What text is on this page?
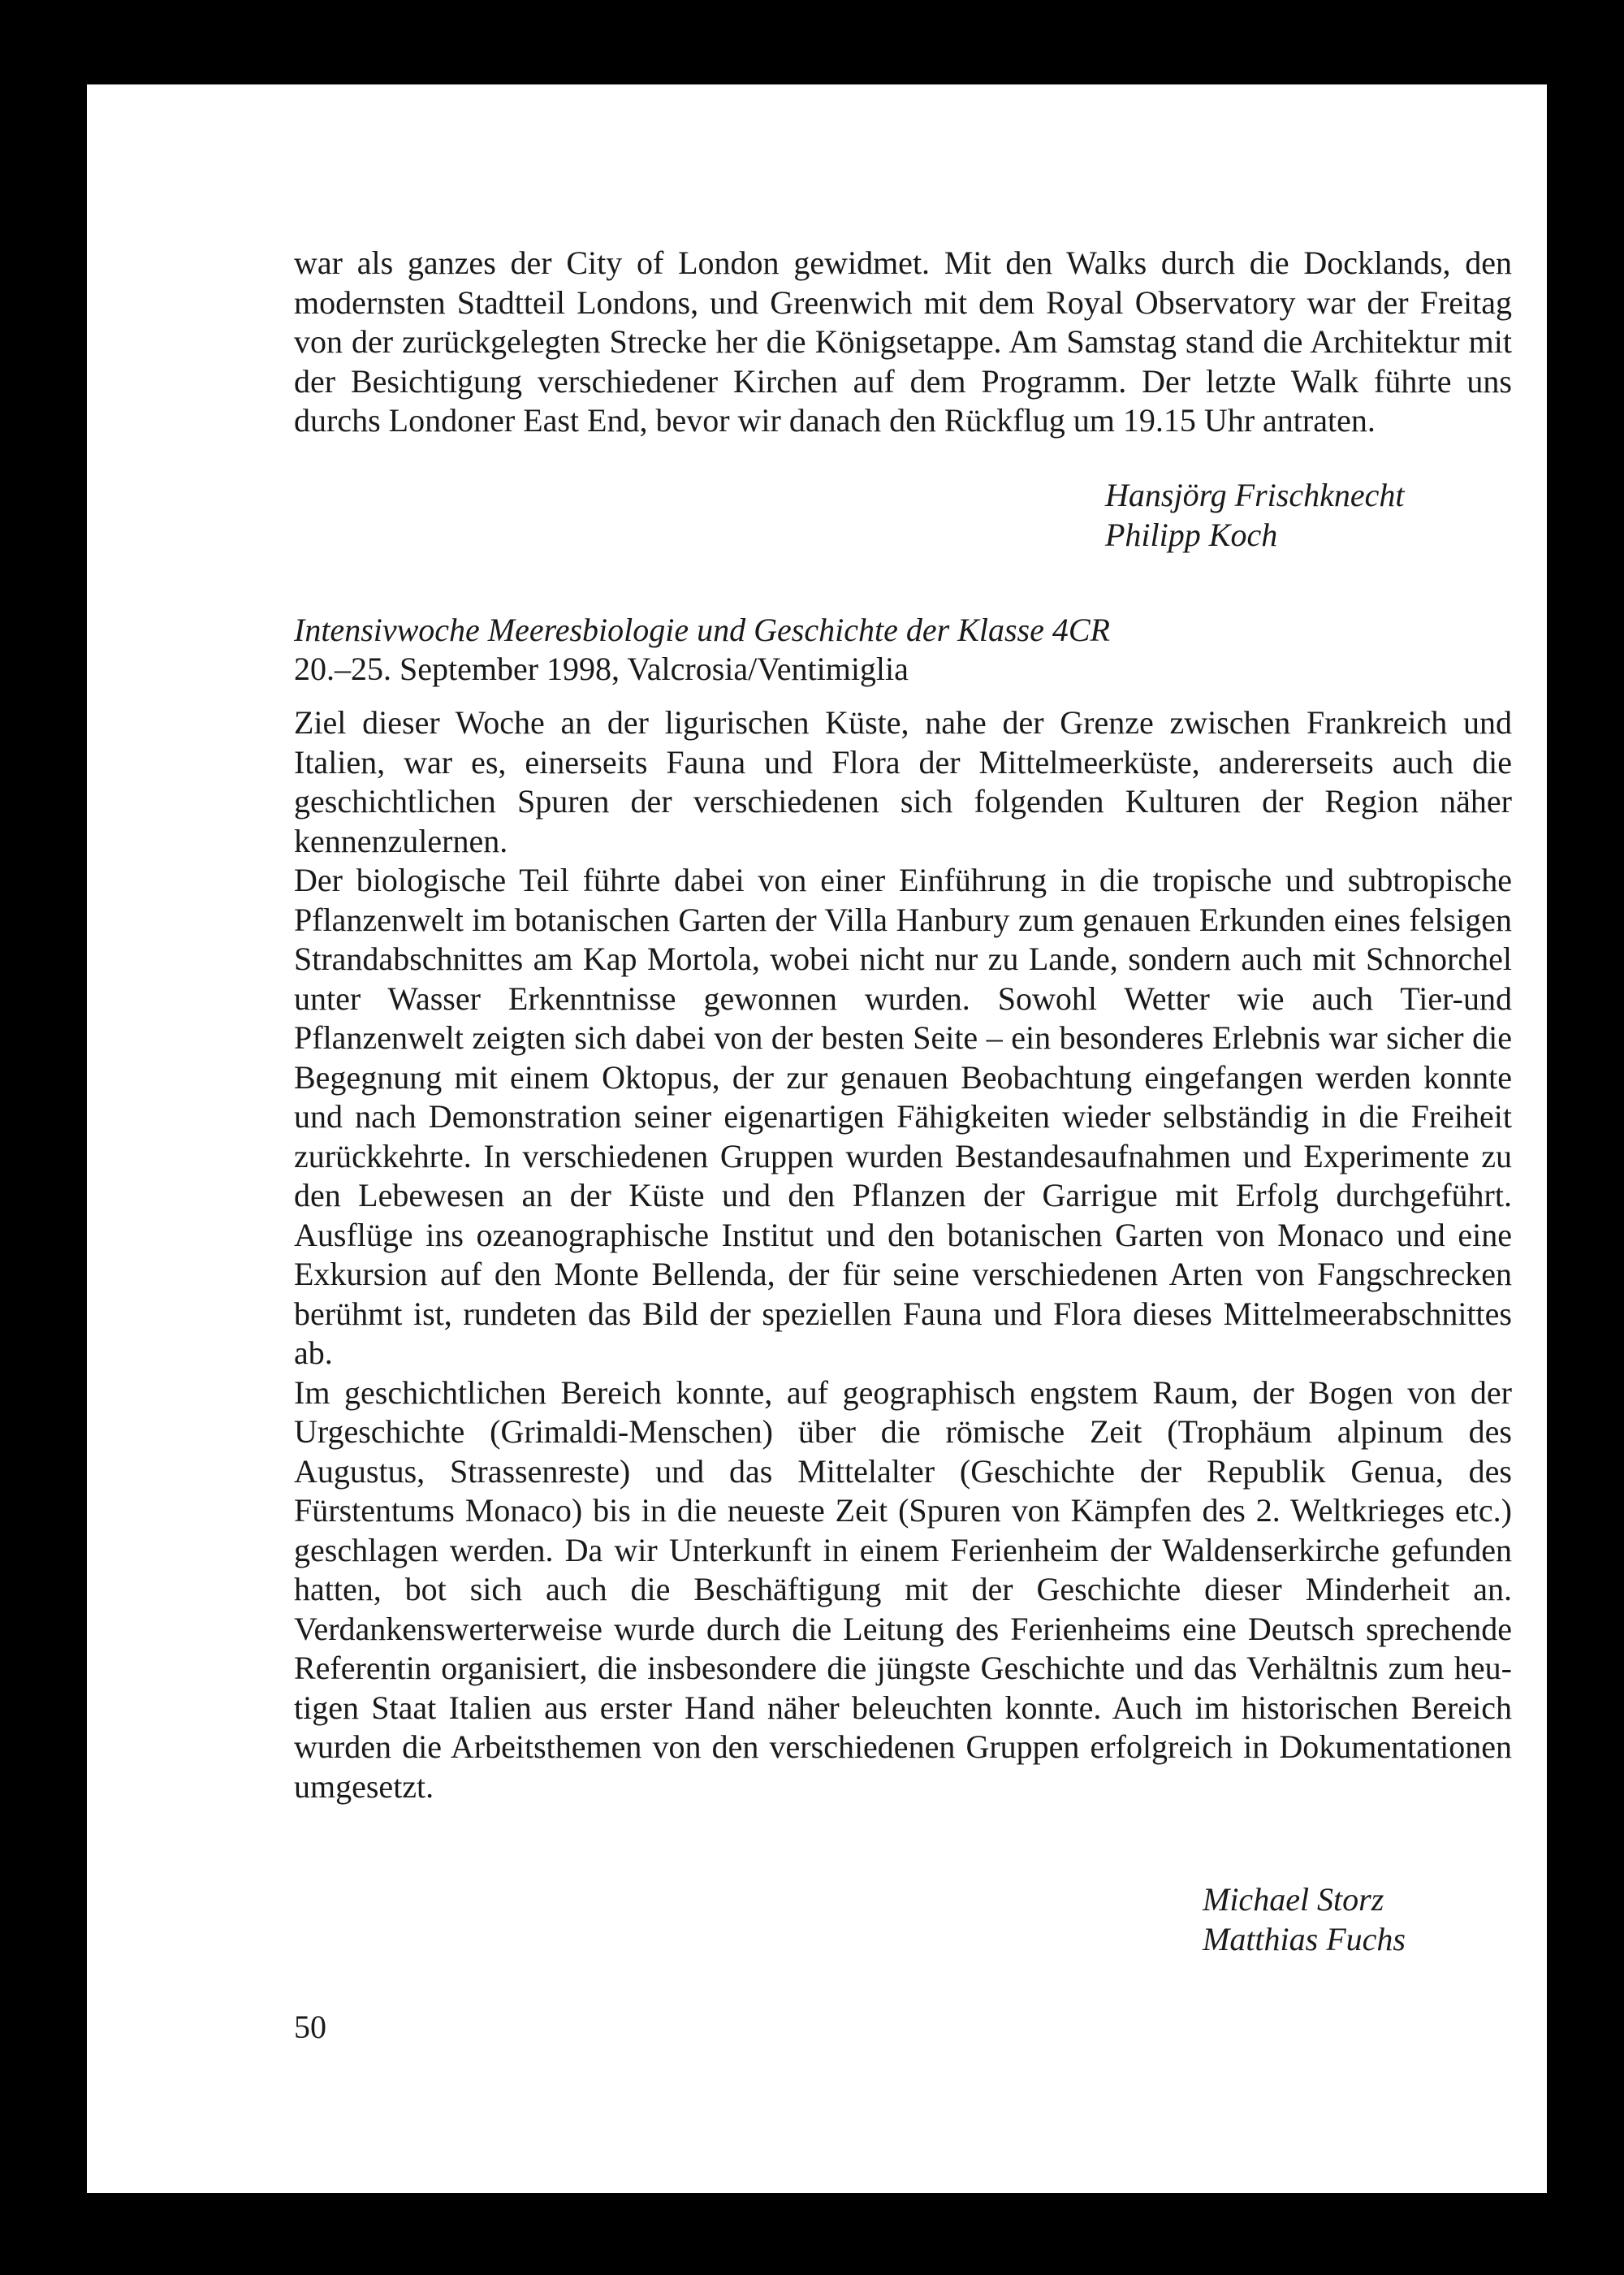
war als ganzes der City of London gewidmet. Mit den Walks durch die Docklands, den modernsten Stadtteil Londons, und Greenwich mit dem Royal Observatory war der Freitag von der zurückgelegten Strecke her die Königsetappe. Am Samstag stand die Architektur mit der Besichtigung verschiedener Kirchen auf dem Programm. Der letzte Walk führte uns durchs Londoner East End, bevor wir danach den Rückflug um 19.15 Uhr antraten.

Hansjörg Frischknecht
Philipp Koch
Intensivwoche Meeresbiologie und Geschichte der Klasse 4CR
20.–25. September 1998, Valcrosia/Ventimiglia

Ziel dieser Woche an der ligurischen Küste, nahe der Grenze zwischen Frankreich und Italien, war es, einerseits Fauna und Flora der Mittelmeerküste, andererseits auch die geschichtlichen Spuren der verschiedenen sich folgenden Kulturen der Region näher kennenzulernen.

Der biologische Teil führte dabei von einer Einführung in die tropische und subtropische Pflanzenwelt im botanischen Garten der Villa Hanbury zum genauen Erkunden eines felsigen Strandabschnittes am Kap Mortola, wobei nicht nur zu Lande, sondern auch mit Schnorchel unter Wasser Erkenntnisse gewonnen wurden. Sowohl Wetter wie auch Tier-und Pflanzenwelt zeigten sich dabei von der besten Seite – ein besonderes Erlebnis war sicher die Begegnung mit einem Oktopus, der zur genauen Beobachtung eingefangen werden konnte und nach Demonstration seiner eigenartigen Fähigkeiten wieder selbständig in die Freiheit zurückkehrte. In verschiedenen Gruppen wurden Bestandesaufnahmen und Experimente zu den Lebewesen an der Küste und den Pflanzen der Garrigue mit Erfolg durchgeführt. Ausflüge ins ozeanographische Institut und den botanischen Garten von Monaco und eine Exkursion auf den Monte Bellenda, der für seine verschiedenen Arten von Fangschrecken berühmt ist, rundeten das Bild der speziellen Fauna und Flora dieses Mittelmeerabschnittes ab.

Im geschichtlichen Bereich konnte, auf geographisch engstem Raum, der Bogen von der Urgeschichte (Grimaldi-Menschen) über die römische Zeit (Trophäum alpinum des Augustus, Strassenreste) und das Mittelalter (Geschichte der Republik Genua, des Fürstentums Monaco) bis in die neueste Zeit (Spuren von Kämpfen des 2. Weltkrieges etc.) geschlagen werden. Da wir Unterkunft in einem Ferienheim der Waldenserkirche gefunden hatten, bot sich auch die Beschäftigung mit der Geschichte dieser Minderheit an. Verdankenswerterweise wurde durch die Leitung des Ferienheims eine Deutsch sprechende Referentin organisiert, die insbesondere die jüngste Geschichte und das Verhältnis zum heutigen Staat Italien aus erster Hand näher beleuchten konnte. Auch im historischen Bereich wurden die Arbeitsthemen von den verschiedenen Gruppen erfolgreich in Dokumentationen umgesetzt.

Michael Storz
Matthias Fuchs
50
